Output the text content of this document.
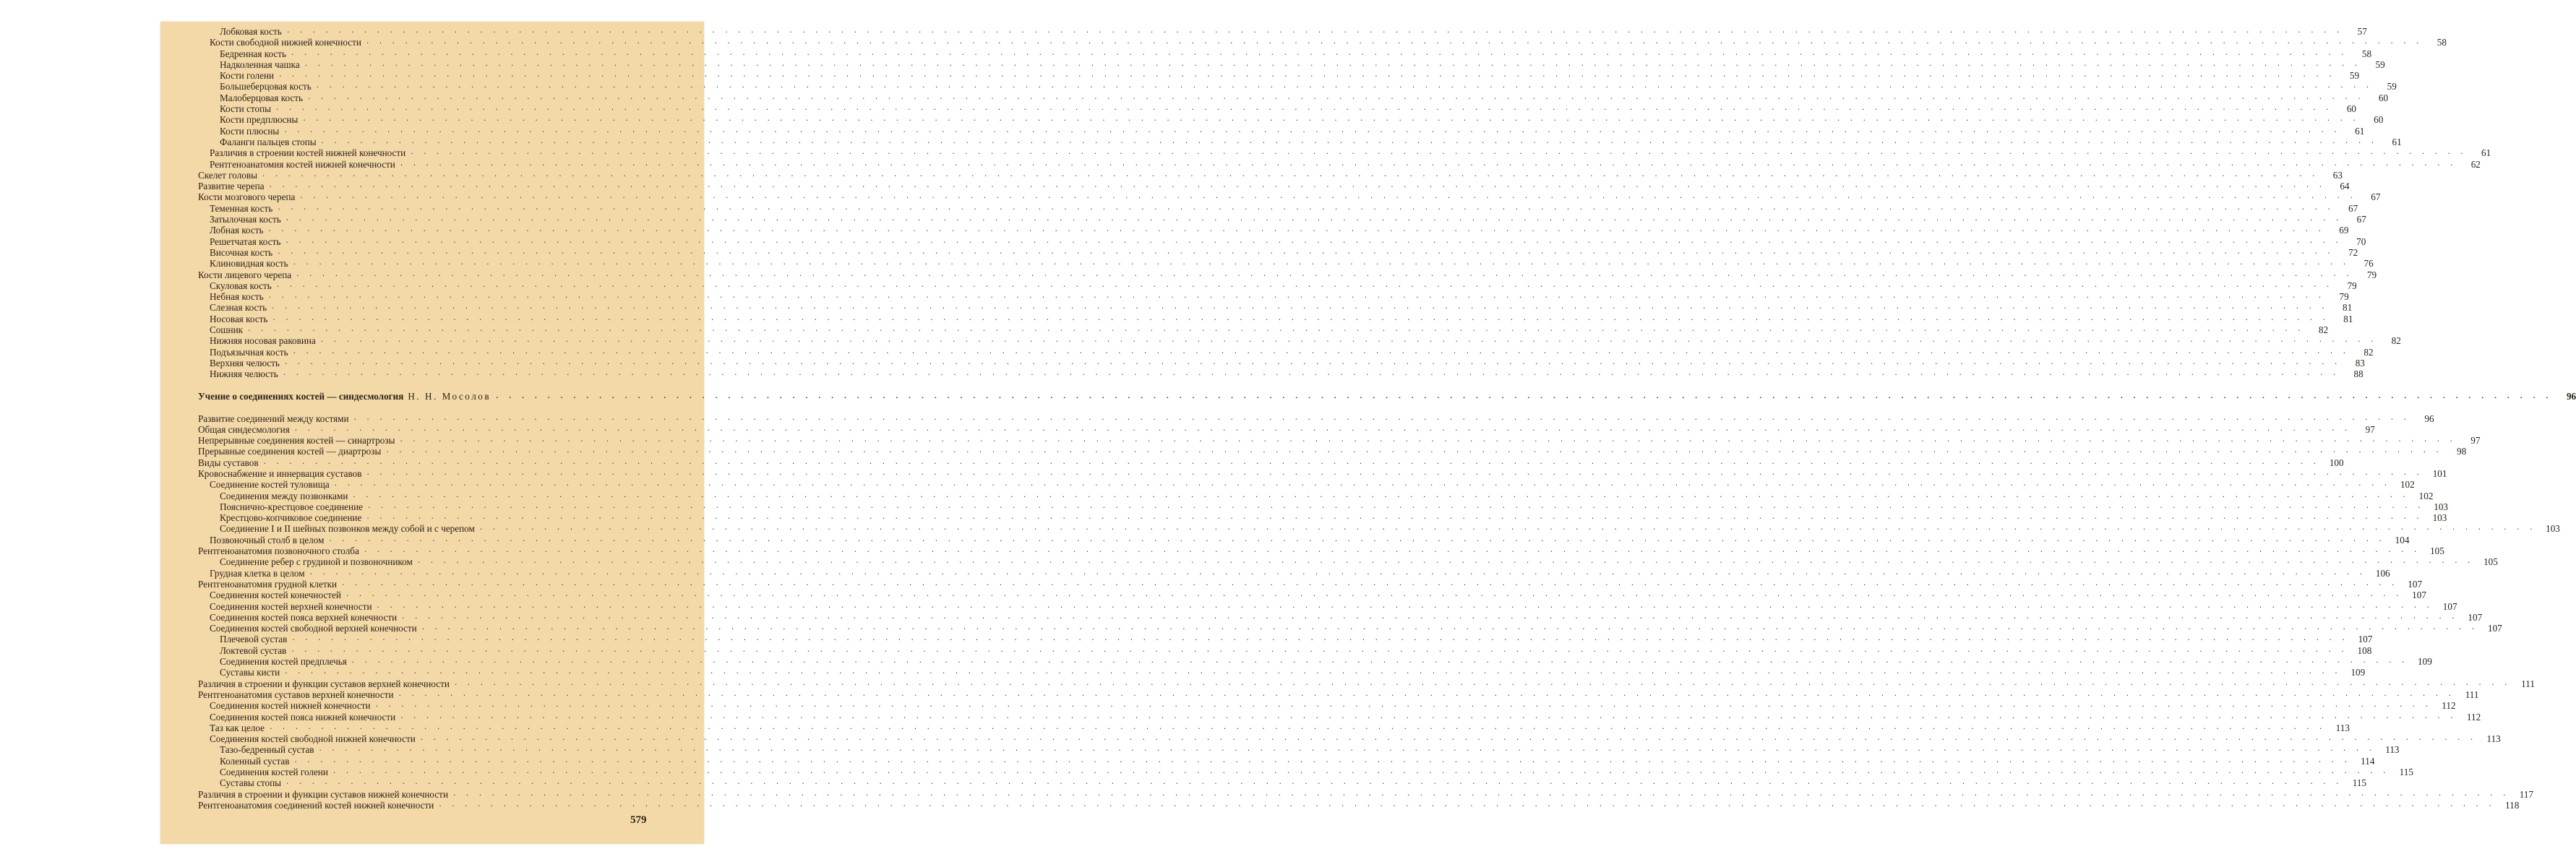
Лобковая кость . . . . . . . . . . . . . . . . . . . . . . . . . . . . . . . . . . . . . . . . . . . . . . . . . . . . . . . . . . . . . . . . . . . . . . . . . . . . . . . . . . . . . . . . . . . . . . . . . . . . . . . . . . . . . . . . . . . . . . . . . . . . . . . . . . . . . . . . . . . . . . . . . . . . . . . . . . . . . . . .	57
Кости свободной нижней конечности . . . . . . . . . . . . . . . . . . . . . . . . . . . . . . . . . . . . . . . . . . . . . . . . . . . . . . . . . . . . . . . . . . . . . . . . . . . . . . . . . . . . . . . . . . . . . . . . . . . . . . . . . . . . . . . . . . . . . . . . . . . . . . . . . . . . . . . . . . . . . . . . . . . . . . . . . . . . . . . .	58
Бедренная кость . . . . . . . . . . . . . . . . . . . . . . . . . . . . . . . . . . . . . . . . . . . . . . . . . . . . . . . . . . . . . . . . . . . . . . . . . . . . . . . . . . . . . . . . . . . . . . . . . . . . . . . . . . . . . . . . . . . . . . . . . . . . . . . . . . . . . . . . . . . . . . . . . . . . . . . . . . . . . . . .	58
Надколенная чашка . . . . . . . . . . . . . . . . . . . . . . . . . . . . . . . . . . . . . . . . . . . . . . . . . . . . . . . . . . . . . . . . . . . . . . . . . . . . . . . . . . . . . . . . . . . . . . . . . . . . . . . . . . . . . . . . . . . . . . . . . . . . . . . . . . . . . . . . . . . . . . . . . . . . . . . . . . . . . . . .	59
Кости голени . . . . . . . . . . . . . . . . . . . . . . . . . . . . . . . . . . . . . . . . . . . . . . . . . . . . . . . . . . . . . . . . . . . . . . . . . . . . . . . . . . . . . . . . . . . . . . . . . . . . . . . . . . . . . . . . . . . . . . . . . . . . . . . . . . . . . . . . . . . . . . . . . . . . . . . . . . . . . . . .	59
Большеберцовая кость . . . . . . . . . . . . . . . . . . . . . . . . . . . . . . . . . . . . . . . . . . . . . . . . . . . . . . . . . . . . . . . . . . . . . . . . . . . . . . . . . . . . . . . . . . . . . . . . . . . . . . . . . . . . . . . . . . . . . . . . . . . . . . . . . . . . . . . . . . . . . . . . . . . . . . . . . . . . . . . .	59
Малоберцовая кость . . . . . . . . . . . . . . . . . . . . . . . . . . . . . . . . . . . . . . . . . . . . . . . . . . . . . . . . . . . . . . . . . . . . . . . . . . . . . . . . . . . . . . . . . . . . . . . . . . . . . . . . . . . . . . . . . . . . . . . . . . . . . . . . . . . . . . . . . . . . . . . . . . . . . . . . . . . . . . . .	60
Кости стопы . . . . . . . . . . . . . . . . . . . . . . . . . . . . . . . . . . . . . . . . . . . . . . . . . . . . . . . . . . . . . . . . . . . . . . . . . . . . . . . . . . . . . . . . . . . . . . . . . . . . . . . . . . . . . . . . . . . . . . . . . . . . . . . . . . . . . . . . . . . . . . . . . . . . . . . . . . . . . . . .	60
Кости предплюсны . . . . . . . . . . . . . . . . . . . . . . . . . . . . . . . . . . . . . . . . . . . . . . . . . . . . . . . . . . . . . . . . . . . . . . . . . . . . . . . . . . . . . . . . . . . . . . . . . . . . . . . . . . . . . . . . . . . . . . . . . . . . . . . . . . . . . . . . . . . . . . . . . . . . . . . . . . . . . . . .	60
Кости плюсны . . . . . . . . . . . . . . . . . . . . . . . . . . . . . . . . . . . . . . . . . . . . . . . . . . . . . . . . . . . . . . . . . . . . . . . . . . . . . . . . . . . . . . . . . . . . . . . . . . . . . . . . . . . . . . . . . . . . . . . . . . . . . . . . . . . . . . . . . . . . . . . . . . . . . . . . . . . . . . . .	61
Фаланги пальцев стопы . . . . . . . . . . . . . . . . . . . . . . . . . . . . . . . . . . . . . . . . . . . . . . . . . . . . . . . . . . . . . . . . . . . . . . . . . . . . . . . . . . . . . . . . . . . . . . . . . . . . . . . . . . . . . . . . . . . . . . . . . . . . . . . . . . . . . . . . . . . . . . . . . . . . . . . . . . . . . . . .	61
Различия в строении костей нижней конечности . . . . . . . . . . . . . . . . . . . . . . . . . . . . . . . . . . . . . . . . . . . . . . . . . . . . . . . . . . . . . . . . . . . . . . . . . . . . . . . . . . . . . . . . . . . . . . . . . . . . . . . . . . . . . . . . . . . . . . . . . . . . . . . . . . . . . . . . . . . . . . . . . . . . . . . . . . . . . . . .	61
Рентгеноанатомия костей нижней конечности . . . . . . . . . . . . . . . . . . . . . . . . . . . . . . . . . . . . . . . . . . . . . . . . . . . . . . . . . . . . . . . . . . . . . . . . . . . . . . . . . . . . . . . . . . . . . . . . . . . . . . . . . . . . . . . . . . . . . . . . . . . . . . . . . . . . . . . . . . . . . . . . . . . . . . . . . . . . . . . .	62
Скелет головы . . . . . . . . . . . . . . . . . . . . . . . . . . . . . . . . . . . . . . . . . . . . . . . . . . . . . . . . . . . . . . . . . . . . . . . . . . . . . . . . . . . . . . . . . . . . . . . . . . . . . . . . . . . . . . . . . . . . . . . . . . . . . . . . . . . . . . . . . . . . . . . . . . . . . . . . . . . . . . . .	63
Развитие черепа . . . . . . . . . . . . . . . . . . . . . . . . . . . . . . . . . . . . . . . . . . . . . . . . . . . . . . . . . . . . . . . . . . . . . . . . . . . . . . . . . . . . . . . . . . . . . . . . . . . . . . . . . . . . . . . . . . . . . . . . . . . . . . . . . . . . . . . . . . . . . . . . . . . . . . . . . . . . . . . .	64
Кости мозгового черепа . . . . . . . . . . . . . . . . . . . . . . . . . . . . . . . . . . . . . . . . . . . . . . . . . . . . . . . . . . . . . . . . . . . . . . . . . . . . . . . . . . . . . . . . . . . . . . . . . . . . . . . . . . . . . . . . . . . . . . . . . . . . . . . . . . . . . . . . . . . . . . . . . . . . . . . . . . . . . . . .	67
Теменная кость . . . . . . . . . . . . . . . . . . . . . . . . . . . . . . . . . . . . . . . . . . . . . . . . . . . . . . . . . . . . . . . . . . . . . . . . . . . . . . . . . . . . . . . . . . . . . . . . . . . . . . . . . . . . . . . . . . . . . . . . . . . . . . . . . . . . . . . . . . . . . . . . . . . . . . . . . . . . . . . .	67
Затылочная кость . . . . . . . . . . . . . . . . . . . . . . . . . . . . . . . . . . . . . . . . . . . . . . . . . . . . . . . . . . . . . . . . . . . . . . . . . . . . . . . . . . . . . . . . . . . . . . . . . . . . . . . . . . . . . . . . . . . . . . . . . . . . . . . . . . . . . . . . . . . . . . . . . . . . . . . . . . . . . . . .	67
Лобная кость . . . . . . . . . . . . . . . . . . . . . . . . . . . . . . . . . . . . . . . . . . . . . . . . . . . . . . . . . . . . . . . . . . . . . . . . . . . . . . . . . . . . . . . . . . . . . . . . . . . . . . . . . . . . . . . . . . . . . . . . . . . . . . . . . . . . . . . . . . . . . . . . . . . . . . . . . . . . . . . .	69
Решетчатая кость . . . . . . . . . . . . . . . . . . . . . . . . . . . . . . . . . . . . . . . . . . . . . . . . . . . . . . . . . . . . . . . . . . . . . . . . . . . . . . . . . . . . . . . . . . . . . . . . . . . . . . . . . . . . . . . . . . . . . . . . . . . . . . . . . . . . . . . . . . . . . . . . . . . . . . . . . . . . . . . .	70
Височная кость . . . . . . . . . . . . . . . . . . . . . . . . . . . . . . . . . . . . . . . . . . . . . . . . . . . . . . . . . . . . . . . . . . . . . . . . . . . . . . . . . . . . . . . . . . . . . . . . . . . . . . . . . . . . . . . . . . . . . . . . . . . . . . . . . . . . . . . . . . . . . . . . . . . . . . . . . . . . . . . .	72
Клиновидная кость . . . . . . . . . . . . . . . . . . . . . . . . . . . . . . . . . . . . . . . . . . . . . . . . . . . . . . . . . . . . . . . . . . . . . . . . . . . . . . . . . . . . . . . . . . . . . . . . . . . . . . . . . . . . . . . . . . . . . . . . . . . . . . . . . . . . . . . . . . . . . . . . . . . . . . . . . . . . . . . .	76
Кости лицевого черепа . . . . . . . . . . . . . . . . . . . . . . . . . . . . . . . . . . . . . . . . . . . . . . . . . . . . . . . . . . . . . . . . . . . . . . . . . . . . . . . . . . . . . . . . . . . . . . . . . . . . . . . . . . . . . . . . . . . . . . . . . . . . . . . . . . . . . . . . . . . . . . . . . . . . . . . . . . . . . . . .	79
Скуловая кость . . . . . . . . . . . . . . . . . . . . . . . . . . . . . . . . . . . . . . . . . . . . . . . . . . . . . . . . . . . . . . . . . . . . . . . . . . . . . . . . . . . . . . . . . . . . . . . . . . . . . . . . . . . . . . . . . . . . . . . . . . . . . . . . . . . . . . . . . . . . . . . . . . . . . . . . . . . . . . . .	79
Небная кость . . . . . . . . . . . . . . . . . . . . . . . . . . . . . . . . . . . . . . . . . . . . . . . . . . . . . . . . . . . . . . . . . . . . . . . . . . . . . . . . . . . . . . . . . . . . . . . . . . . . . . . . . . . . . . . . . . . . . . . . . . . . . . . . . . . . . . . . . . . . . . . . . . . . . . . . . . . . . . . .	79
Слезная кость . . . . . . . . . . . . . . . . . . . . . . . . . . . . . . . . . . . . . . . . . . . . . . . . . . . . . . . . . . . . . . . . . . . . . . . . . . . . . . . . . . . . . . . . . . . . . . . . . . . . . . . . . . . . . . . . . . . . . . . . . . . . . . . . . . . . . . . . . . . . . . . . . . . . . . . . . . . . . . . .	81
Носовая кость . . . . . . . . . . . . . . . . . . . . . . . . . . . . . . . . . . . . . . . . . . . . . . . . . . . . . . . . . . . . . . . . . . . . . . . . . . . . . . . . . . . . . . . . . . . . . . . . . . . . . . . . . . . . . . . . . . . . . . . . . . . . . . . . . . . . . . . . . . . . . . . . . . . . . . . . . . . . . . . .	81
Сошник . . . . . . . . . . . . . . . . . . . . . . . . . . . . . . . . . . . . . . . . . . . . . . . . . . . . . . . . . . . . . . . . . . . . . . . . . . . . . . . . . . . . . . . . . . . . . . . . . . . . . . . . . . . . . . . . . . . . . . . . . . . . . . . . . . . . . . . . . . . . . . . . . . . . . . . . . . . . . . . .	82
Нижняя носовая раковина . . . . . . . . . . . . . . . . . . . . . . . . . . . . . . . . . . . . . . . . . . . . . . . . . . . . . . . . . . . . . . . . . . . . . . . . . . . . . . . . . . . . . . . . . . . . . . . . . . . . . . . . . . . . . . . . . . . . . . . . . . . . . . . . . . . . . . . . . . . . . . . . . . . . . . . . . . . . . . . .	82
Подъязычная кость . . . . . . . . . . . . . . . . . . . . . . . . . . . . . . . . . . . . . . . . . . . . . . . . . . . . . . . . . . . . . . . . . . . . . . . . . . . . . . . . . . . . . . . . . . . . . . . . . . . . . . . . . . . . . . . . . . . . . . . . . . . . . . . . . . . . . . . . . . . . . . . . . . . . . . . . . . . . . . . .	82
Верхняя челюсть . . . . . . . . . . . . . . . . . . . . . . . . . . . . . . . . . . . . . . . . . . . . . . . . . . . . . . . . . . . . . . . . . . . . . . . . . . . . . . . . . . . . . . . . . . . . . . . . . . . . . . . . . . . . . . . . . . . . . . . . . . . . . . . . . . . . . . . . . . . . . . . . . . . . . . . . . . . . . . . .	83
Нижняя челюсть . . . . . . . . . . . . . . . . . . . . . . . . . . . . . . . . . . . . . . . . . . . . . . . . . . . . . . . . . . . . . . . . . . . . . . . . . . . . . . . . . . . . . . . . . . . . . . . . . . . . . . . . . . . . . . . . . . . . . . . . . . . . . . . . . . . . . . . . . . . . . . . . . . . . . . . . . . . . . . . .	88
Учение о соединениях костей — синдесмология Н. Н. Мосолов . . . . . . . . . . . . . . . . . . . . . . . . . . . . . . . . . . . . . . . . . . . . . . . . . . . . . . . . . . . . . . . . . . . . . . . . . . . . . . . . . . . . . . . . . . . . . . . . . . . . . . . . . . . . . . . . . . . . . . . . . . . . . . . . . . . . . . . . . . . . . . . . . . . . . . . . . . . . . . . .	96
Развитие соединений между костями . . . . . . . . . . . . . . . . . . . . . . . . . . . . . . . . . . . . . . . . . . . . . . . . . . . . . . . . . . . . . . . . . . . . . . . . . . . . . . . . . . . . . . . . . . . . . . . . . . . . . . . . . . . . . . . . . . . . . . . . . . . . . . . . . . . . . . . . . . . . . . . . . . . . . . . . . . . . . . . .	96
Общая синдесмология . . . . . . . . . . . . . . . . . . . . . . . . . . . . . . . . . . . . . . . . . . . . . . . . . . . . . . . . . . . . . . . . . . . . . . . . . . . . . . . . . . . . . . . . . . . . . . . . . . . . . . . . . . . . . . . . . . . . . . . . . . . . . . . . . . . . . . . . . . . . . . . . . . . . . . . . . . . . . . . .	97
Непрерывные соединения костей — синартрозы . . . . . . . . . . . . . . . . . . . . . . . . . . . . . . . . . . . . . . . . . . . . . . . . . . . . . . . . . . . . . . . . . . . . . . . . . . . . . . . . . . . . . . . . . . . . . . . . . . . . . . . . . . . . . . . . . . . . . . . . . . . . . . . . . . . . . . . . . . . . . . . . . . . . . . . . . . . . . . . .	97
Прерывные соединения костей — диартрозы . . . . . . . . . . . . . . . . . . . . . . . . . . . . . . . . . . . . . . . . . . . . . . . . . . . . . . . . . . . . . . . . . . . . . . . . . . . . . . . . . . . . . . . . . . . . . . . . . . . . . . . . . . . . . . . . . . . . . . . . . . . . . . . . . . . . . . . . . . . . . . . . . . . . . . . . . . . . . . . .	98
Виды суставов . . . . . . . . . . . . . . . . . . . . . . . . . . . . . . . . . . . . . . . . . . . . . . . . . . . . . . . . . . . . . . . . . . . . . . . . . . . . . . . . . . . . . . . . . . . . . . . . . . . . . . . . . . . . . . . . . . . . . . . . . . . . . . . . . . . . . . . . . . . . . . . . . . . . . . . . . . . . . . . .	100
Кровоснабжение и иннервация суставов . . . . . . . . . . . . . . . . . . . . . . . . . . . . . . . . . . . . . . . . . . . . . . . . . . . . . . . . . . . . . . . . . . . . . . . . . . . . . . . . . . . . . . . . . . . . . . . . . . . . . . . . . . . . . . . . . . . . . . . . . . . . . . . . . . . . . . . . . . . . . . . . . . . . . . . . . . . . . . . .	101
Соединение костей туловища . . . . . . . . . . . . . . . . . . . . . . . . . . . . . . . . . . . . . . . . . . . . . . . . . . . . . . . . . . . . . . . . . . . . . . . . . . . . . . . . . . . . . . . . . . . . . . . . . . . . . . . . . . . . . . . . . . . . . . . . . . . . . . . . . . . . . . . . . . . . . . . . . . . . . . . . . . . . . . . .	102
Соединения между позвонками . . . . . . . . . . . . . . . . . . . . . . . . . . . . . . . . . . . . . . . . . . . . . . . . . . . . . . . . . . . . . . . . . . . . . . . . . . . . . . . . . . . . . . . . . . . . . . . . . . . . . . . . . . . . . . . . . . . . . . . . . . . . . . . . . . . . . . . . . . . . . . . . . . . . . . . . . . . . . . . .	102
Пояснично-крестцовое соединение . . . . . . . . . . . . . . . . . . . . . . . . . . . . . . . . . . . . . . . . . . . . . . . . . . . . . . . . . . . . . . . . . . . . . . . . . . . . . . . . . . . . . . . . . . . . . . . . . . . . . . . . . . . . . . . . . . . . . . . . . . . . . . . . . . . . . . . . . . . . . . . . . . . . . . . . . . . . . . . .	103
Крестцово-копчиковое соединение . . . . . . . . . . . . . . . . . . . . . . . . . . . . . . . . . . . . . . . . . . . . . . . . . . . . . . . . . . . . . . . . . . . . . . . . . . . . . . . . . . . . . . . . . . . . . . . . . . . . . . . . . . . . . . . . . . . . . . . . . . . . . . . . . . . . . . . . . . . . . . . . . . . . . . . . . . . . . . . .	103
Соединение I и II шейных позвонков между собой и с черепом . . . . . . . . . . . . . . . . . . . . . . . . . . . . . . . . . . . . . . . . . . . . . . . . . . . . . . . . . . . . . . . . . . . . . . . . . . . . . . . . . . . . . . . . . . . . . . . . . . . . . . . . . . . . . . . . . . . . . . . . . . . . . . . . . . . . . . . . . . . . . . . . . . . . . . . . . . . . . . . .	103
Позвоночный столб в целом . . . . . . . . . . . . . . . . . . . . . . . . . . . . . . . . . . . . . . . . . . . . . . . . . . . . . . . . . . . . . . . . . . . . . . . . . . . . . . . . . . . . . . . . . . . . . . . . . . . . . . . . . . . . . . . . . . . . . . . . . . . . . . . . . . . . . . . . . . . . . . . . . . . . . . . . . . . . . . . .	104
Рентгеноанатомия позвоночного столба . . . . . . . . . . . . . . . . . . . . . . . . . . . . . . . . . . . . . . . . . . . . . . . . . . . . . . . . . . . . . . . . . . . . . . . . . . . . . . . . . . . . . . . . . . . . . . . . . . . . . . . . . . . . . . . . . . . . . . . . . . . . . . . . . . . . . . . . . . . . . . . . . . . . . . . . . . . . . . . .	105
Соединение ребер с грудиной и позвоночником . . . . . . . . . . . . . . . . . . . . . . . . . . . . . . . . . . . . . . . . . . . . . . . . . . . . . . . . . . . . . . . . . . . . . . . . . . . . . . . . . . . . . . . . . . . . . . . . . . . . . . . . . . . . . . . . . . . . . . . . . . . . . . . . . . . . . . . . . . . . . . . . . . . . . . . . . . . . . . . .	105
Грудная клетка в целом . . . . . . . . . . . . . . . . . . . . . . . . . . . . . . . . . . . . . . . . . . . . . . . . . . . . . . . . . . . . . . . . . . . . . . . . . . . . . . . . . . . . . . . . . . . . . . . . . . . . . . . . . . . . . . . . . . . . . . . . . . . . . . . . . . . . . . . . . . . . . . . . . . . . . . . . . . . . . . . .	106
Рентгеноанатомия грудной клетки . . . . . . . . . . . . . . . . . . . . . . . . . . . . . . . . . . . . . . . . . . . . . . . . . . . . . . . . . . . . . . . . . . . . . . . . . . . . . . . . . . . . . . . . . . . . . . . . . . . . . . . . . . . . . . . . . . . . . . . . . . . . . . . . . . . . . . . . . . . . . . . . . . . . . . . . . . . . . . . .	107
Соединения костей конечностей . . . . . . . . . . . . . . . . . . . . . . . . . . . . . . . . . . . . . . . . . . . . . . . . . . . . . . . . . . . . . . . . . . . . . . . . . . . . . . . . . . . . . . . . . . . . . . . . . . . . . . . . . . . . . . . . . . . . . . . . . . . . . . . . . . . . . . . . . . . . . . . . . . . . . . . . . . . . . . . .	107
Соединения костей верхней конечности . . . . . . . . . . . . . . . . . . . . . . . . . . . . . . . . . . . . . . . . . . . . . . . . . . . . . . . . . . . . . . . . . . . . . . . . . . . . . . . . . . . . . . . . . . . . . . . . . . . . . . . . . . . . . . . . . . . . . . . . . . . . . . . . . . . . . . . . . . . . . . . . . . . . . . . . . . . . . . . .	107
Соединения костей пояса верхней конечности . . . . . . . . . . . . . . . . . . . . . . . . . . . . . . . . . . . . . . . . . . . . . . . . . . . . . . . . . . . . . . . . . . . . . . . . . . . . . . . . . . . . . . . . . . . . . . . . . . . . . . . . . . . . . . . . . . . . . . . . . . . . . . . . . . . . . . . . . . . . . . . . . . . . . . . . . . . . . . . .	107
Соединения костей свободной верхней конечности . . . . . . . . . . . . . . . . . . . . . . . . . . . . . . . . . . . . . . . . . . . . . . . . . . . . . . . . . . . . . . . . . . . . . . . . . . . . . . . . . . . . . . . . . . . . . . . . . . . . . . . . . . . . . . . . . . . . . . . . . . . . . . . . . . . . . . . . . . . . . . . . . . . . . . . . . . . . . . . .	107
Плечевой сустав . . . . . . . . . . . . . . . . . . . . . . . . . . . . . . . . . . . . . . . . . . . . . . . . . . . . . . . . . . . . . . . . . . . . . . . . . . . . . . . . . . . . . . . . . . . . . . . . . . . . . . . . . . . . . . . . . . . . . . . . . . . . . . . . . . . . . . . . . . . . . . . . . . . . . . . . . . . . . . . .	107
Локтевой сустав . . . . . . . . . . . . . . . . . . . . . . . . . . . . . . . . . . . . . . . . . . . . . . . . . . . . . . . . . . . . . . . . . . . . . . . . . . . . . . . . . . . . . . . . . . . . . . . . . . . . . . . . . . . . . . . . . . . . . . . . . . . . . . . . . . . . . . . . . . . . . . . . . . . . . . . . . . . . . . . .	108
Соединения костей предплечья . . . . . . . . . . . . . . . . . . . . . . . . . . . . . . . . . . . . . . . . . . . . . . . . . . . . . . . . . . . . . . . . . . . . . . . . . . . . . . . . . . . . . . . . . . . . . . . . . . . . . . . . . . . . . . . . . . . . . . . . . . . . . . . . . . . . . . . . . . . . . . . . . . . . . . . . . . . . . . . .	109
Суставы кисти . . . . . . . . . . . . . . . . . . . . . . . . . . . . . . . . . . . . . . . . . . . . . . . . . . . . . . . . . . . . . . . . . . . . . . . . . . . . . . . . . . . . . . . . . . . . . . . . . . . . . . . . . . . . . . . . . . . . . . . . . . . . . . . . . . . . . . . . . . . . . . . . . . . . . . . . . . . . . . . .	109
Различия в строении и функции суставов верхней конечности . . . . . . . . . . . . . . . . . . . . . . . . . . . . . . . . . . . . . . . . . . . . . . . . . . . . . . . . . . . . . . . . . . . . . . . . . . . . . . . . . . . . . . . . . . . . . . . . . . . . . . . . . . . . . . . . . . . . . . . . . . . . . . . . . . . . . . . . . . . . . . . . . . . . . . . . . . . . . . . .	111
Рентгеноанатомия суставов верхней конечности . . . . . . . . . . . . . . . . . . . . . . . . . . . . . . . . . . . . . . . . . . . . . . . . . . . . . . . . . . . . . . . . . . . . . . . . . . . . . . . . . . . . . . . . . . . . . . . . . . . . . . . . . . . . . . . . . . . . . . . . . . . . . . . . . . . . . . . . . . . . . . . . . . . . . . . . . . . . . . . .	111
Соединения костей нижней конечности . . . . . . . . . . . . . . . . . . . . . . . . . . . . . . . . . . . . . . . . . . . . . . . . . . . . . . . . . . . . . . . . . . . . . . . . . . . . . . . . . . . . . . . . . . . . . . . . . . . . . . . . . . . . . . . . . . . . . . . . . . . . . . . . . . . . . . . . . . . . . . . . . . . . . . . . . . . . . . . .	112
Соединения костей пояса нижней конечности . . . . . . . . . . . . . . . . . . . . . . . . . . . . . . . . . . . . . . . . . . . . . . . . . . . . . . . . . . . . . . . . . . . . . . . . . . . . . . . . . . . . . . . . . . . . . . . . . . . . . . . . . . . . . . . . . . . . . . . . . . . . . . . . . . . . . . . . . . . . . . . . . . . . . . . . . . . . . . . .	112
Таз как целое . . . . . . . . . . . . . . . . . . . . . . . . . . . . . . . . . . . . . . . . . . . . . . . . . . . . . . . . . . . . . . . . . . . . . . . . . . . . . . . . . . . . . . . . . . . . . . . . . . . . . . . . . . . . . . . . . . . . . . . . . . . . . . . . . . . . . . . . . . . . . . . . . . . . . . . . . . . . . . . .	113
Соединения костей свободной нижней конечности . . . . . . . . . . . . . . . . . . . . . . . . . . . . . . . . . . . . . . . . . . . . . . . . . . . . . . . . . . . . . . . . . . . . . . . . . . . . . . . . . . . . . . . . . . . . . . . . . . . . . . . . . . . . . . . . . . . . . . . . . . . . . . . . . . . . . . . . . . . . . . . . . . . . . . . . . . . . . . . .	113
Тазо-бедренный сустав . . . . . . . . . . . . . . . . . . . . . . . . . . . . . . . . . . . . . . . . . . . . . . . . . . . . . . . . . . . . . . . . . . . . . . . . . . . . . . . . . . . . . . . . . . . . . . . . . . . . . . . . . . . . . . . . . . . . . . . . . . . . . . . . . . . . . . . . . . . . . . . . . . . . . . . . . . . . . . . .	113
Коленный сустав . . . . . . . . . . . . . . . . . . . . . . . . . . . . . . . . . . . . . . . . . . . . . . . . . . . . . . . . . . . . . . . . . . . . . . . . . . . . . . . . . . . . . . . . . . . . . . . . . . . . . . . . . . . . . . . . . . . . . . . . . . . . . . . . . . . . . . . . . . . . . . . . . . . . . . . . . . . . . . . .	114
Соединения костей голени . . . . . . . . . . . . . . . . . . . . . . . . . . . . . . . . . . . . . . . . . . . . . . . . . . . . . . . . . . . . . . . . . . . . . . . . . . . . . . . . . . . . . . . . . . . . . . . . . . . . . . . . . . . . . . . . . . . . . . . . . . . . . . . . . . . . . . . . . . . . . . . . . . . . . . . . . . . . . . . .	115
Суставы стопы . . . . . . . . . . . . . . . . . . . . . . . . . . . . . . . . . . . . . . . . . . . . . . . . . . . . . . . . . . . . . . . . . . . . . . . . . . . . . . . . . . . . . . . . . . . . . . . . . . . . . . . . . . . . . . . . . . . . . . . . . . . . . . . . . . . . . . . . . . . . . . . . . . . . . . . . . . . . . . . .	115
Различия в строении и функции суставов нижней конечности . . . . . . . . . . . . . . . . . . . . . . . . . . . . . . . . . . . . . . . . . . . . . . . . . . . . . . . . . . . . . . . . . . . . . . . . . . . . . . . . . . . . . . . . . . . . . . . . . . . . . . . . . . . . . . . . . . . . . . . . . . . . . . . . . . . . . . . . . . . . . . . . . . . . . . . . . . . . . . . .	117
Рентгеноанатомия соединений костей нижней конечности . . . . . . . . . . . . . . . . . . . . . . . . . . . . . . . . . . . . . . . . . . . . . . . . . . . . . . . . . . . . . . . . . . . . . . . . . . . . . . . . . . . . . . . . . . . . . . . . . . . . . . . . . . . . . . . . . . . . . . . . . . . . . . . . . . . . . . . . . . . . . . . . . . . . . . . . . . . . . . . .	118
579
